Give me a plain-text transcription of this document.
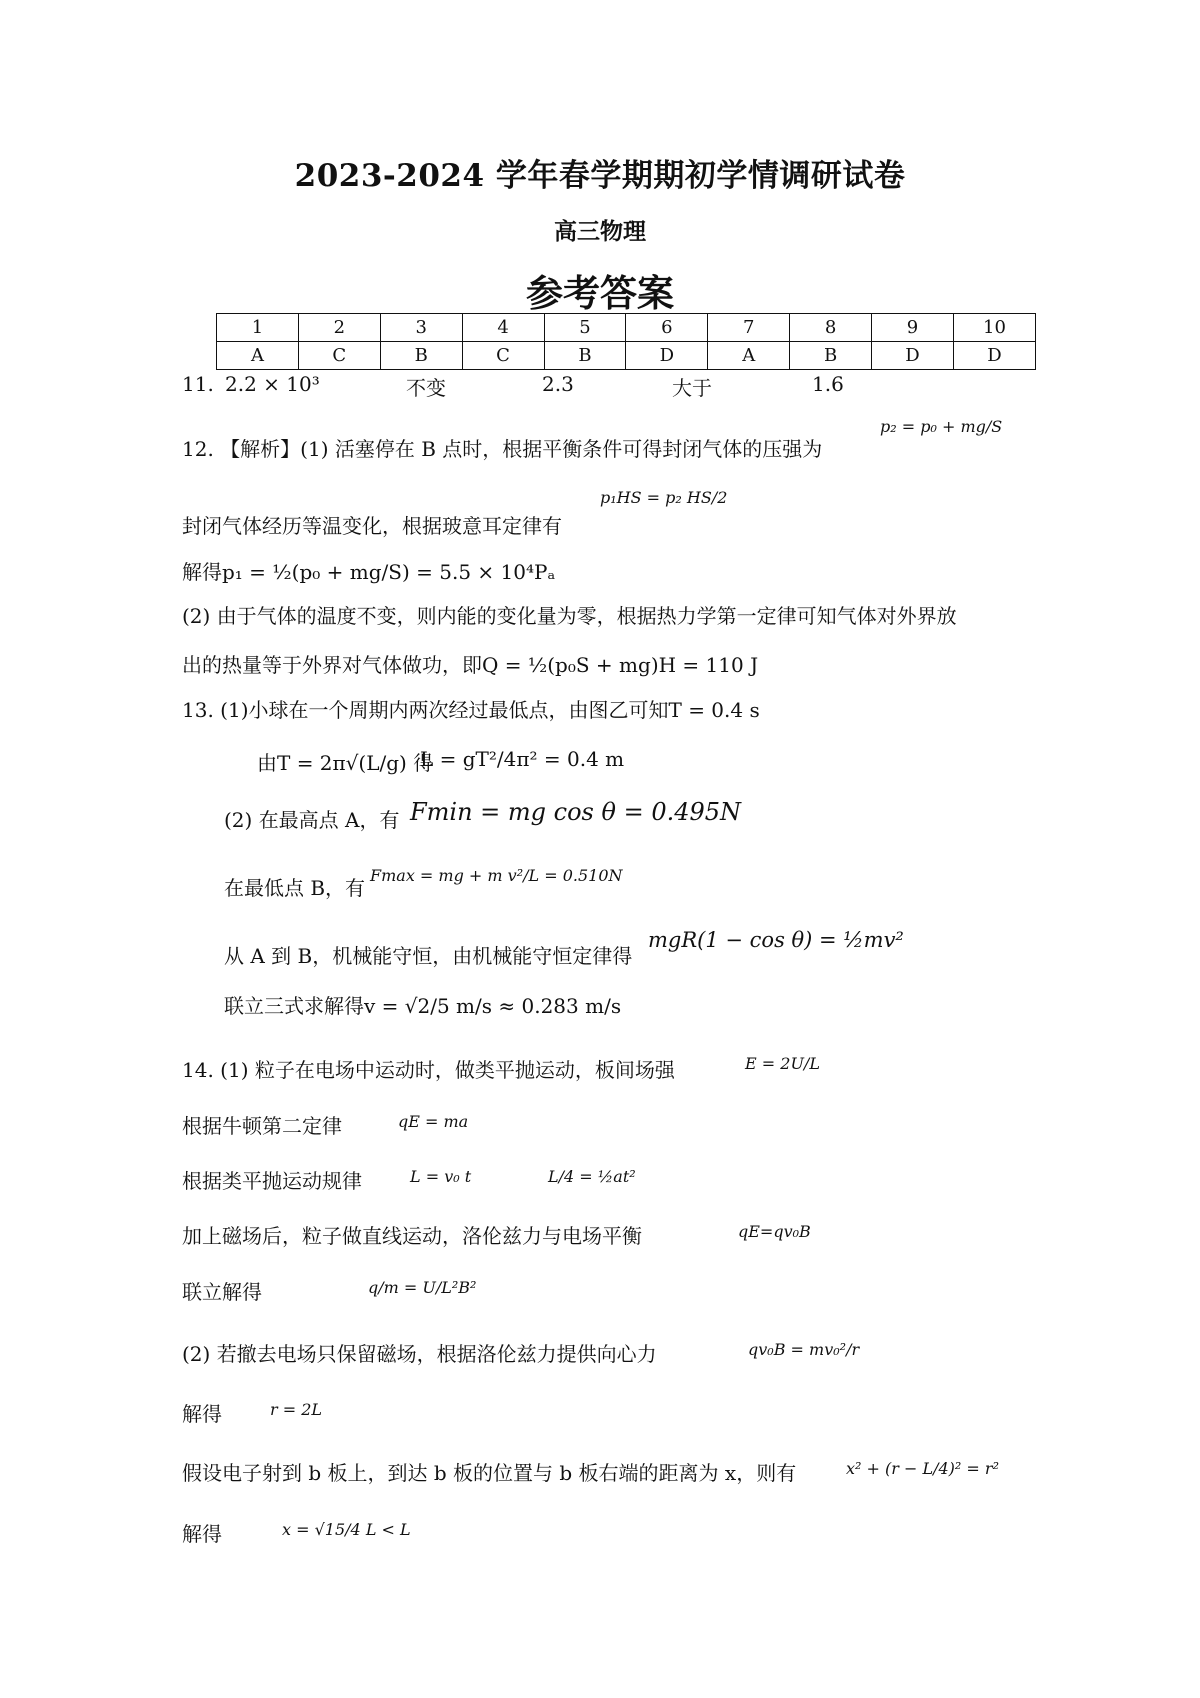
2023-2024 学年春学期期初学情调研试卷
高三物理
参考答案
1	2	3	4	5	6	7	8	9	10
A	C	B	C	B	D	A	B	D	D
11. 2.2 × 10³	不变	2.3	大于	1.6
12. 【解析】(1) 活塞停在 B 点时，根据平衡条件可得封闭气体的压强为
p₂ = p₀ + mg/S
封闭气体经历等温变化，根据玻意耳定律有
p₁HS = p₂ HS/2
解得p₁ = ½(p₀ + mg/S) = 5.5 × 10⁴Pₐ
(2) 由于气体的温度不变，则内能的变化量为零，根据热力学第一定律可知气体对外界放
出的热量等于外界对气体做功，即Q = ½(p₀S + mg)H = 110 J
13. (1)小球在一个周期内两次经过最低点，由图乙可知T = 0.4 s
由T = 2π√(L/g) 得
L = gT²/4π² = 0.4 m
(2) 在最高点 A，有 Fmin = mg cos θ = 0.495N
在最低点 B，有
Fmax = mg + m v²/L = 0.510N
从 A 到 B，机械能守恒，由机械能守恒定律得
mgR(1 − cos θ) = ½mv²
联立三式求解得v = √2/5 m/s ≈ 0.283 m/s
14. (1) 粒子在电场中运动时，做类平抛运动，板间场强	E = 2U/L
根据牛顿第二定律	qE = ma
根据类平抛运动规律	L = v₀ t	L/4 = ½at²
加上磁场后，粒子做直线运动，洛伦兹力与电场平衡	qE=qv₀B
联立解得	q/m = U/L²B²
(2) 若撤去电场只保留磁场，根据洛伦兹力提供向心力	qv₀B = mv₀²/r
解得	r = 2L
假设电子射到 b 板上，到达 b 板的位置与 b 板右端的距离为 x，则有	x² + (r − L/4)² = r²
解得	x = √15/4 L < L
